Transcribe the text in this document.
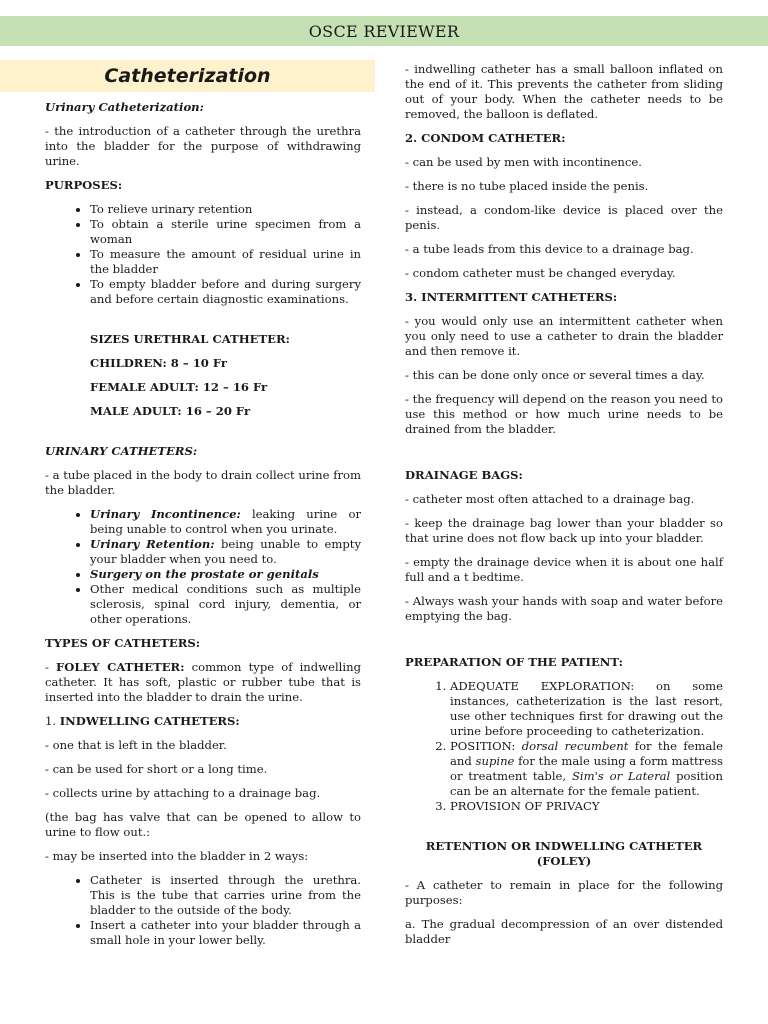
OSCE REVIEWER
Catheterization

Urinary Catheterization:

- the introduction of a catheter through the urethra into the bladder for the purpose of withdrawing urine.

PURPOSES:

• To relieve urinary retention
• To obtain a sterile urine specimen from a woman
• To measure the amount of residual urine in the bladder
• To empty bladder before and during surgery and before certain diagnostic examinations.

SIZES URETHRAL CATHETER:

CHILDREN: 8 – 10 Fr

FEMALE ADULT: 12 – 16 Fr

MALE ADULT: 16 – 20 Fr

URINARY CATHETERS:

- a tube placed in the body to drain collect urine from the bladder.

• Urinary Incontinence: leaking urine or being unable to control when you urinate.
• Urinary Retention: being unable to empty your bladder when you need to.
• Surgery on the prostate or genitals
• Other medical conditions such as multiple sclerosis, spinal cord injury, dementia, or other operations.

TYPES OF CATHETERS:

- FOLEY CATHETER: common type of indwelling catheter. It has soft, plastic or rubber tube that is inserted into the bladder to drain the urine.

1. INDWELLING CATHETERS:

- one that is left in the bladder.

- can be used for short or a long time.

- collects urine by attaching to a drainage bag.

(the bag has valve that can be opened to allow to urine to flow out.:

- may be inserted into the bladder in 2 ways:

• Catheter is inserted through the urethra. This is the tube that carries urine from the bladder to the outside of the body.
• Insert a catheter into your bladder through a small hole in your lower belly.

- indwelling catheter has a small balloon inflated on the end of it. This prevents the catheter from sliding out of your body. When the catheter needs to be removed, the balloon is deflated.

2. CONDOM CATHETER:

- can be used by men with incontinence.

- there is no tube placed inside the penis.

- instead, a condom-like device is placed over the penis.

- a tube leads from this device to a drainage bag.

- condom catheter must be changed everyday.

3. INTERMITTENT CATHETERS:

- you would only use an intermittent catheter when you only need to use a catheter to drain the bladder and then remove it.

- this can be done only once or several times a day.

- the frequency will depend on the reason you need to use this method or how much urine needs to be drained from the bladder.

DRAINAGE BAGS:

- catheter most often attached to a drainage bag.

- keep the drainage bag lower than your bladder so that urine does not flow back up into your bladder.

- empty the drainage device when it is about one half full and a t bedtime.

- Always wash your hands with soap and water before emptying the bag.

PREPARATION OF THE PATIENT:

1. ADEQUATE EXPLORATION: on some instances, catheterization is the last resort, use other techniques first for drawing out the urine before proceeding to catheterization.
2. POSITION: dorsal recumbent for the female and supine for the male using a form mattress or treatment table, Sim's or Lateral position can be an alternate for the female patient.
3. PROVISION OF PRIVACY

RETENTION OR INDWELLING CATHETER (FOLEY)

- A catheter to remain in place for the following purposes:

a. The gradual decompression of an over distended bladder
